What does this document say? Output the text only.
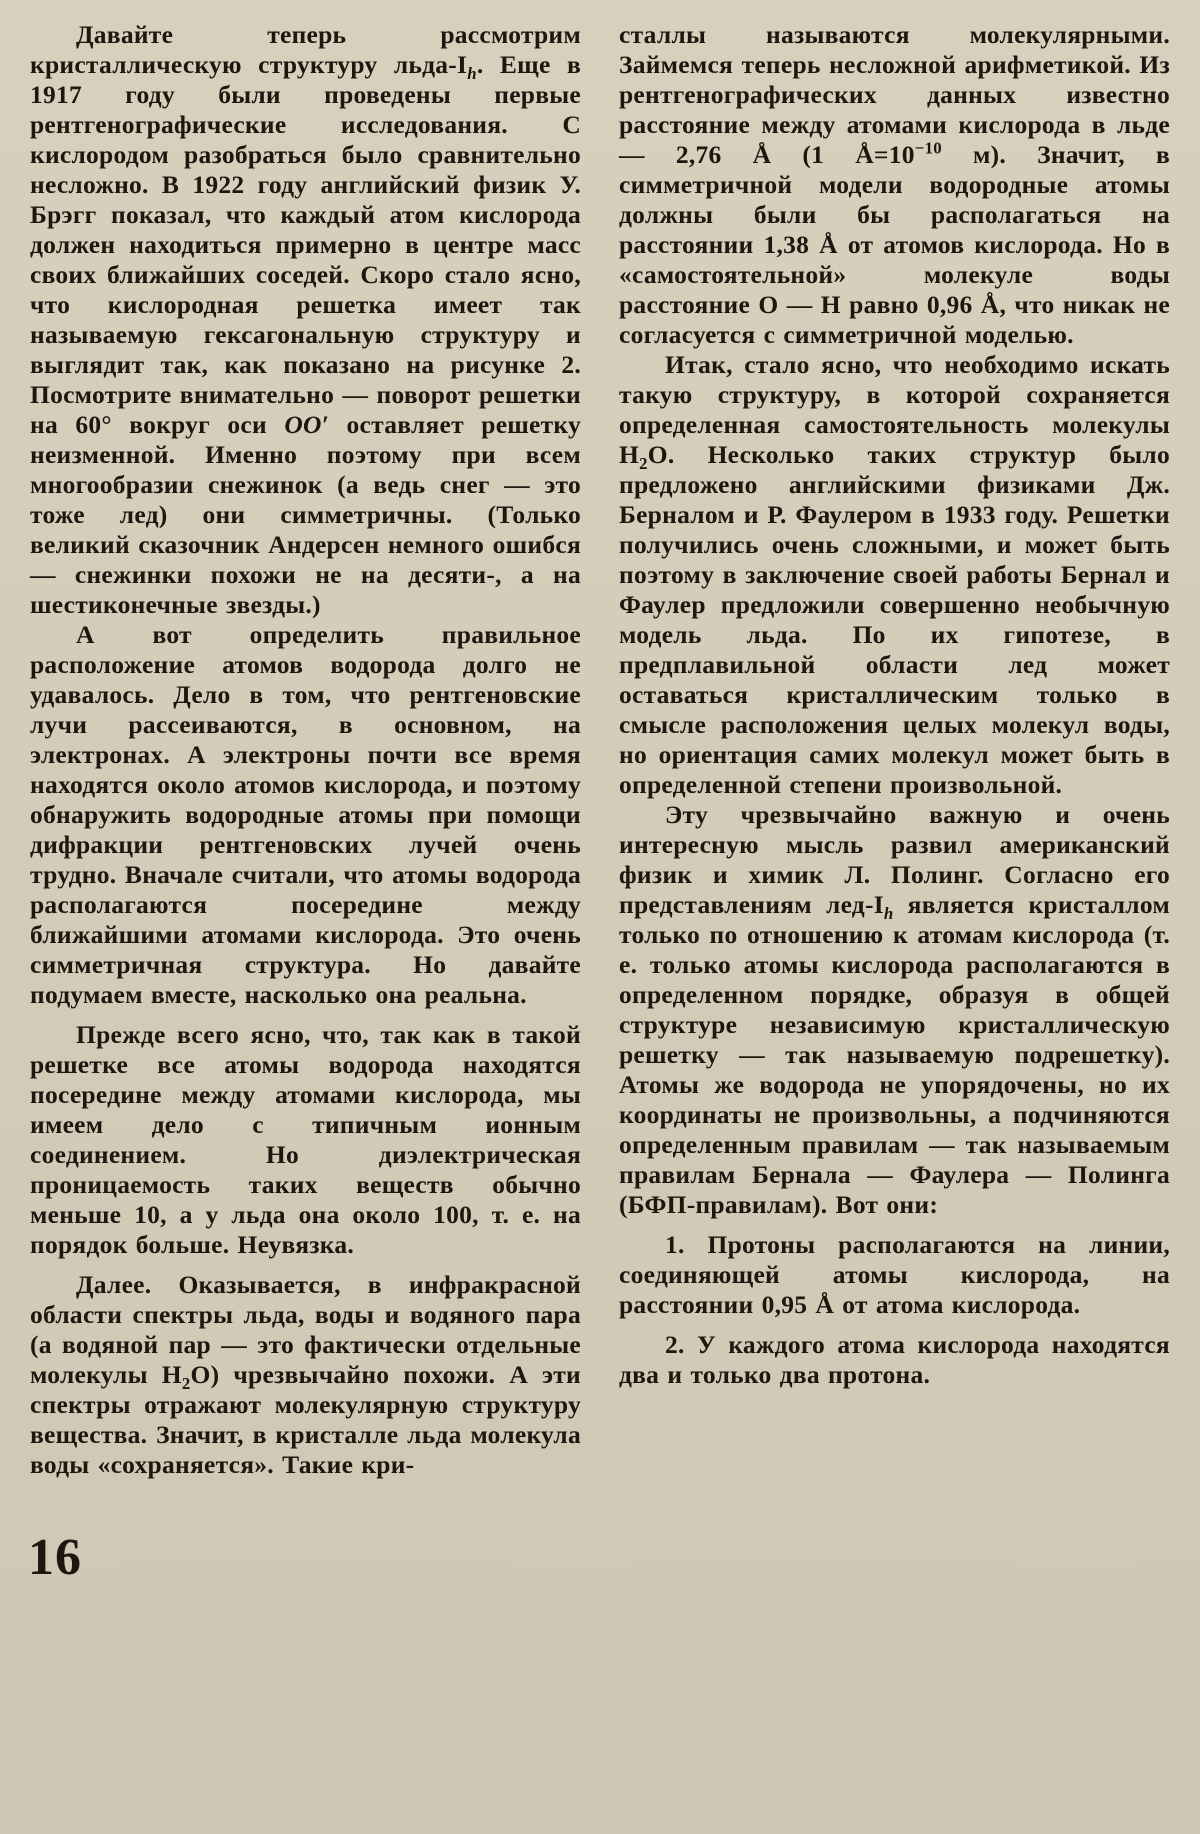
Давайте теперь рассмотрим кристаллическую структуру льда-$I_h$. Еще в 1917 году были проведены первые рентгенографические исследования. С кислородом разобраться было сравнительно несложно. В 1922 году английский физик У. Брэгг показал, что каждый атом кислорода должен находиться примерно в центре масс своих ближайших соседей. Скоро стало ясно, что кислородная решетка имеет так называемую гексагональную структуру и выглядит так, как показано на рисунке 2. Посмотрите внимательно — поворот решетки на 60° вокруг оси OO′ оставляет решетку неизменной. Именно поэтому при всем многообразии снежинок (а ведь снег — это тоже лед) они симметричны. (Только великий сказочник Андерсен немного ошибся — снежинки похожи не на десяти-, а на шестиконечные звезды.)

А вот определить правильное расположение атомов водорода долго не удавалось. Дело в том, что рентгеновские лучи рассеиваются, в основном, на электронах. А электроны почти все время находятся около атомов кислорода, и поэтому обнаружить водородные атомы при помощи дифракции рентгеновских лучей очень трудно. Вначале считали, что атомы водорода располагаются посередине между ближайшими атомами кислорода. Это очень симметричная структура. Но давайте подумаем вместе, насколько она реальна.

Прежде всего ясно, что, так как в такой решетке все атомы водорода находятся посередине между атомами кислорода, мы имеем дело с типичным ионным соединением. Но диэлектрическая проницаемость таких веществ обычно меньше 10, а у льда она около 100, т. е. на порядок больше. Неувязка.

Далее. Оказывается, в инфракрасной области спектры льда, воды и водяного пара (а водяной пар — это фактически отдельные молекулы $H_2O$) чрезвычайно похожи. А эти спектры отражают молекулярную структуру вещества. Значит, в кристалле льда молекула воды «сохраняется». Такие кри-

сталлы называются молекулярными. Займемся теперь несложной арифметикой. Из рентгенографических данных известно расстояние между атомами кислорода в льде — 2,76 Å (1 $Å=10^{-10}$ м). Значит, в симметричной модели водородные атомы должны были бы располагаться на расстоянии 1,38 Å от атомов кислорода. Но в «самостоятельной» молекуле воды расстояние O — H равно 0,96 Å, что никак не согласуется с симметричной моделью.

Итак, стало ясно, что необходимо искать такую структуру, в которой сохраняется определенная самостоятельность молекулы $H_2O$. Несколько таких структур было предложено английскими физиками Дж. Берналом и Р. Фаулером в 1933 году. Решетки получились очень сложными, и может быть поэтому в заключение своей работы Бернал и Фаулер предложили совершенно необычную модель льда. По их гипотезе, в предплавильной области лед может оставаться кристаллическим только в смысле расположения целых молекул воды, но ориентация самих молекул может быть в определенной степени произвольной.

Эту чрезвычайно важную и очень интересную мысль развил американский физик и химик Л. Полинг. Согласно его представлениям лед-$I_h$ является кристаллом только по отношению к атомам кислорода (т. е. только атомы кислорода располагаются в определенном порядке, образуя в общей структуре независимую кристаллическую решетку — так называемую подрешетку). Атомы же водорода не упорядочены, но их координаты не произвольны, а подчиняются определенным правилам — так называемым правилам Бернала — Фаулера — Полинга (БФП-правилам). Вот они:

1. Протоны располагаются на линии, соединяющей атомы кислорода, на расстоянии 0,95 Å от атома кислорода.

2. У каждого атома кислорода находятся два и только два протона.

16
